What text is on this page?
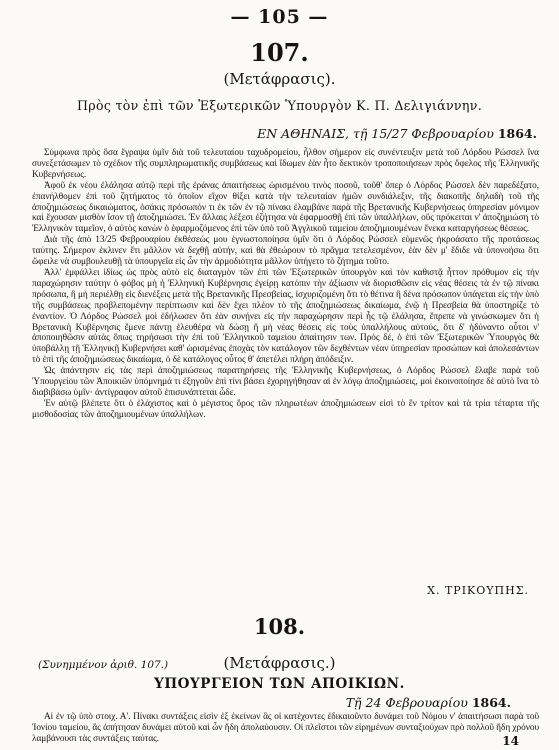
— 105 —
107.
(Μετάφρασις).
Πρὸς τὸν ἐπὶ τῶν Ἐξωτερικῶν Ὑπουργὸν Κ. Π. Δελιγιάννην.
ΕΝ ΑΘΗΝΑΙΣ, τῇ 15/27 Φεβρουαρίου 1864.

Σύμφωνα πρὸς ὅσα ἔγραψα ὑμῖν διὰ τοῦ τελευταίου ταχυδρομείου, ἦλθον σήμερον εἰς συνέντευξιν μετὰ τοῦ Λόρδου Ρώσσελ ἵνα συνεξετάσωμεν τὸ σχέδιον τῆς συμπληρωματικῆς συμβάσεως καὶ ἴδωμεν ἐὰν ἦτο δεκτικὸν τροποποιήσεων πρὸς ὄφελος τῆς Ἑλληνικῆς Κυβερνήσεως.

Ἀφοῦ ἐκ νέου ἐλάλησα αὐτῷ περὶ τῆς ἐράνας ἀπαιτήσεως ὡρισμένου τινὸς ποσοῦ, τοῦθ' ὅπερ ὁ Λόρδος Ρώσσελ δὲν παρεδέξατο, ἐπανήλθομεν ἐπὶ τοῦ ζητήματος τὸ ὁποῖον εἴχον θίξει κατὰ τὴν τελευταίαν ἡμῶν συνδιάλεξιν, τῆς διακοπῆς δηλαδὴ τοῦ τῆς ἀποζημιώσεως δικαιώματος, ὁσάκις πρόσωπόν τι ἐκ τῶν ἐν τῷ πίνακι ἐλαμβάνε παρὰ τῆς Βρετανικῆς Κυβερνήσεως ὑπηρεσίαν μόνιμον καὶ ἔχουσαν μισθὸν ἴσον τῇ ἀποζημιώσει. Ἐν ἄλλαις λέξεσι ἐζήτησα νὰ ἐφαρμοσθῇ ἐπὶ τῶν ὑπαλλήλων, οὓς πρόκειται ν' ἀποζημιώση τὸ Ἑλληνικὸν ταμεῖον, ὁ αὐτὸς κανὼν ὁ ἐφαρμοζόμενος ἐπὶ τῶν ὑπὸ τοῦ Ἀγγλικοῦ ταμείου ἀποζημιουμένων ἕνεκα καταργήσεως θέσεως.

Διὰ τῆς ἀπὸ 13/25 Φεβρουαρίου ἐκθέσεώς μου ἐγνωστοποίησα ὑμῖν ὅτι ὁ Λόρδος Ρώσσελ εὐμενῶς ἠκροάσατο τῆς προτάσεως ταύτης. Σήμερον ἐκλινεν ἔτι μᾶλλον νὰ δεχθῇ αὐτήν, καὶ θὰ ἐθεώρουν τὸ πρᾶγμα τετελεσμένον, ἐὰν δὲν μ' ἔδιδε νὰ ὑπονοήσω ὅτι ὤφειλε νὰ συμβουλευθῇ τὰ ὑπουργεῖα εἰς ὧν τὴν ἁρμοδιότητα μᾶλλον ὑπήγετο τὸ ζήτημα τοῦτο.

Ἀλλ' ἐμφάλλει ἰδίως ὡς πρὸς αὐτὸ εἰς διαταγμὸν τῶν ἐπὶ τῶν Ἐξωτερικῶν ὑπουργὸν καὶ τὸν καθιστᾷ ἧττον πρόθυμον εἰς τὴν παραχώρησιν ταύτην ὁ φόβος μὴ ἡ Ἑλληνικὴ Κυβέρνησις ἐγείρῃ κατόπιν τὴν ἀξίωσιν νὰ διορισθῶσιν εἰς νέας θέσεις τὰ ἐν τῷ πίνακι πρόσωπα, ἢ μὴ περιέλθῃ εἰς διενέξεις μετὰ τῆς Βρετανικῆς Πρεσβείας, ἰσχυριζομένη ὅτι τὸ θέτινα ἢ δένα πρόσωπον ὑπάγεται εἰς τὴν ὑπὸ τῆς συμβάσεως προβλεπομένην περίπτωσιν καὶ δὲν ἔχει πλέον τὸ τῆς ἀποζημιώσεως δικαίωμα, ἐνῷ ἡ Πρεσβεία θὰ ὑποστηρίζε τὸ ἐναντίον. Ὁ Λόρδος Ρώσσελ μοὶ ἐδήλωσεν ὅτι ἐὰν συνῄνει εἰς τὴν παραχώρησιν περὶ ἧς τῷ ἐλάλησα, ἔπρεπε νὰ γινώσκωμεν ὅτι ἡ Βρετανικὴ Κυβέρνησις ἔμενε πάντῃ ἐλευθέρα νὰ δώσῃ ἢ μὴ νέας θέσεις εἰς τοὺς ὑπαλλήλους αὐτούς, ὅτι δ' ἠδύναντο οὗτοι ν' ἀποποιηθῶσιν αὐτὰς ὅπως τηρήσωσι τὴν ἐπὶ τοῦ Ἑλληνικοῦ ταμείου ἀπαίτησιν των. Πρὸς δέ, ὁ ἐπὶ τῶν Ἐξωτερικῶν Ὑπουργὸς θὰ ὑποβάλλῃ τῇ Ἑλληνικῇ Κυβερνήσει καθ' ὡρισμένας ἐποχὰς τὸν κατάλογον τῶν δεχθέντων νέαν ὑπηρεσίαν προσώπων καὶ ἀπολεσάντων τὸ ἐπὶ τῆς ἀποζημιώσεως δικαίωμα, ὁ δὲ κατάλογος οὗτος θ' ἀπετέλει πλήρη ἀπόδειξιν.

Ὡς ἀπάντησιν εἰς τὰς περὶ ἀποζημιώσεως παρατηρήσεις τῆς Ἑλληνικῆς Κυβερνήσεως, ὁ Λόρδος Ρώσσελ ἔλαβε παρὰ τοῦ Ὑπουργείου τῶν Ἀποικιῶν ὑπόμνημά τι ἐξηγοῦν ἐπὶ τίνι βάσει ἐχορηγήθησαν αἱ ἐν λόγῳ ἀποζημιώσεις, μοὶ ἐκοινοποίησε δὲ αὐτὸ ἵνα τὸ διαβιβάσω ὑμῖν· ἀντίγραφον αὐτοῦ ἐπισυνάπτεται ὧδε.

Ἐν αὐτῷ βλέπετε ὅτι ὁ ἐλάχιστος καὶ ὁ μέγιστος ὅρος τῶν πληρωτέων ἀποζημιώσεων εἰσὶ τὸ ἓν τρίτον καὶ τὰ τρία τέταρτα τῆς μισθοδοσίας τῶν ἀποζημιουμένων ὑπαλλήλων.

Χ. ΤΡΙΚΟΥΠΗΣ.
108.
(Συνημμένον ἀριθ. 107.)	(Μετάφρασις.)
ΥΠΟΥΡΓΕΙΟΝ ΤΩΝ ΑΠΟΙΚΙΩΝ.
Τῇ 24 Φεβρουαρίου 1864.

Αἱ ἐν τῷ ὑπὸ στοιχ. Α'. Πίνακι συντάξεις εἰσὶν ἐξ ἐκείνων ἃς οἱ κατέχοντες ἐδικαιοῦντο δυνάμει τοῦ Νόμου ν' ἀπαιτήσωσι παρὰ τοῦ Ἰονίου ταμείου, ἃς ἀπήτησαν δυνάμει αὐτοῦ καὶ ὧν ἤδη ἀπολαύουσιν. Οἱ πλεῖστοι τῶν εἰρημένων συνταξιούχων πρὸ πολλοῦ ἤδη χρόνου λαμβάνουσι τὰς συντάξεις ταύτας.	14
